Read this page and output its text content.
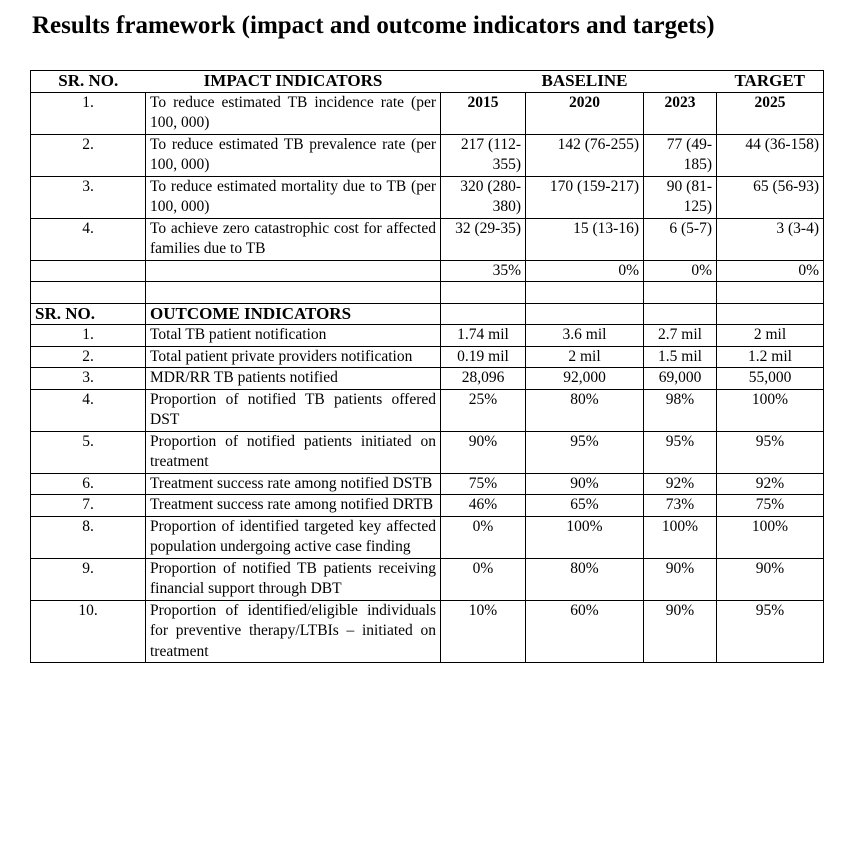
Results framework (impact and outcome indicators and targets)
SR. NO.	IMPACT INDICATORS		BASELINE		TARGET
1.	To reduce estimated TB incidence rate (per 100, 000)	2015	2020	2023	2025
2.	To reduce estimated TB prevalence rate (per 100, 000)	217 (112-355)	142 (76-255)	77 (49-185)	44 (36-158)
3.	To reduce estimated mortality due to TB (per 100, 000)	320 (280-380)	170 (159-217)	90 (81-125)	65 (56-93)
4.	To achieve zero catastrophic cost for affected families due to TB	32 (29-35)	15 (13-16)	6 (5-7)	3 (3-4)
		35%	0%	0%	0%

SR. NO.	OUTCOME INDICATORS				
1.	Total TB patient notification	1.74 mil	3.6 mil	2.7 mil	2 mil
2.	Total patient private providers notification	0.19 mil	2 mil	1.5 mil	1.2 mil
3.	MDR/RR TB patients notified	28,096	92,000	69,000	55,000
4.	Proportion of notified TB patients offered DST	25%	80%	98%	100%
5.	Proportion of notified patients initiated on treatment	90%	95%	95%	95%
6.	Treatment success rate among notified DSTB	75%	90%	92%	92%
7.	Treatment success rate among notified DRTB	46%	65%	73%	75%
8.	Proportion of identified targeted key affected population undergoing active case finding	0%	100%	100%	100%
9.	Proportion of notified TB patients receiving financial support through DBT	0%	80%	90%	90%
10.	Proportion of identified/eligible individuals for preventive therapy/LTBIs – initiated on treatment	10%	60%	90%	95%
